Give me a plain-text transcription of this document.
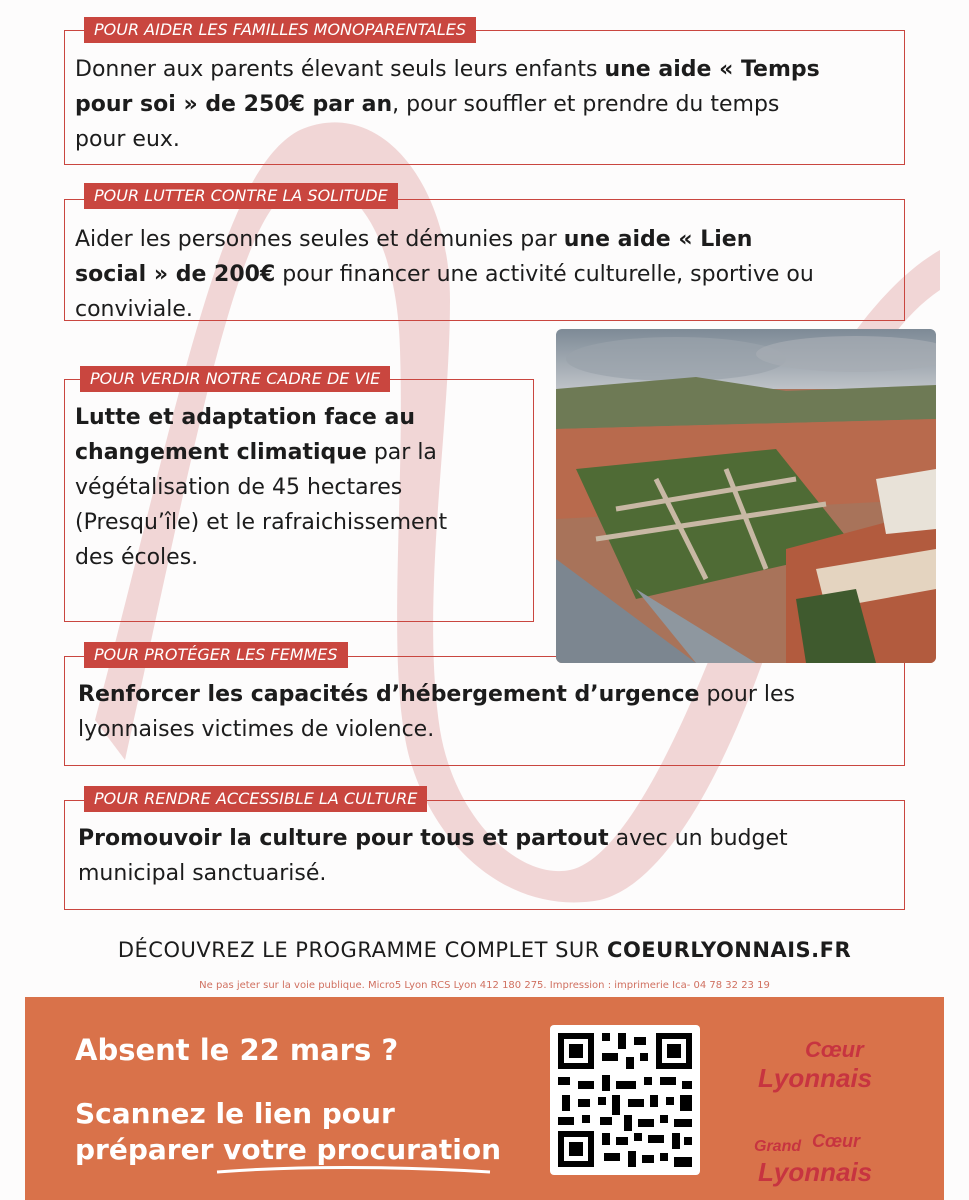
POUR AIDER LES FAMILLES MONOPARENTALES
Donner aux parents élevant seuls leurs enfants une aide « Temps
pour soi » de 250€ par an, pour souffler et prendre du temps
pour eux.
POUR LUTTER CONTRE LA SOLITUDE
Aider les personnes seules et démunies par une aide « Lien
social » de 200€ pour financer une activité culturelle, sportive ou
conviviale.
POUR VERDIR NOTRE CADRE DE VIE
Lutte et adaptation face au
changement climatique par la
végétalisation de 45 hectares
(Presqu’île) et le rafraichissement
des écoles.
POUR PROTÉGER LES FEMMES
Renforcer les capacités d’hébergement d’urgence pour les
lyonnaises victimes de violence.
POUR RENDRE ACCESSIBLE LA CULTURE
Promouvoir la culture pour tous et partout avec un budget
municipal sanctuarisé.
DÉCOUVREZ LE PROGRAMME COMPLET SUR COEURLYONNAIS.FR
Ne pas jeter sur la voie publique. Micro5 Lyon RCS Lyon 412 180 275. Impression : imprimerie Ica- 04 78 32 23 19
Absent le 22 mars ?
Scannez le lien pour
préparer votre procuration
Cœur
Lyonnais
Grand Cœur
Lyonnais
